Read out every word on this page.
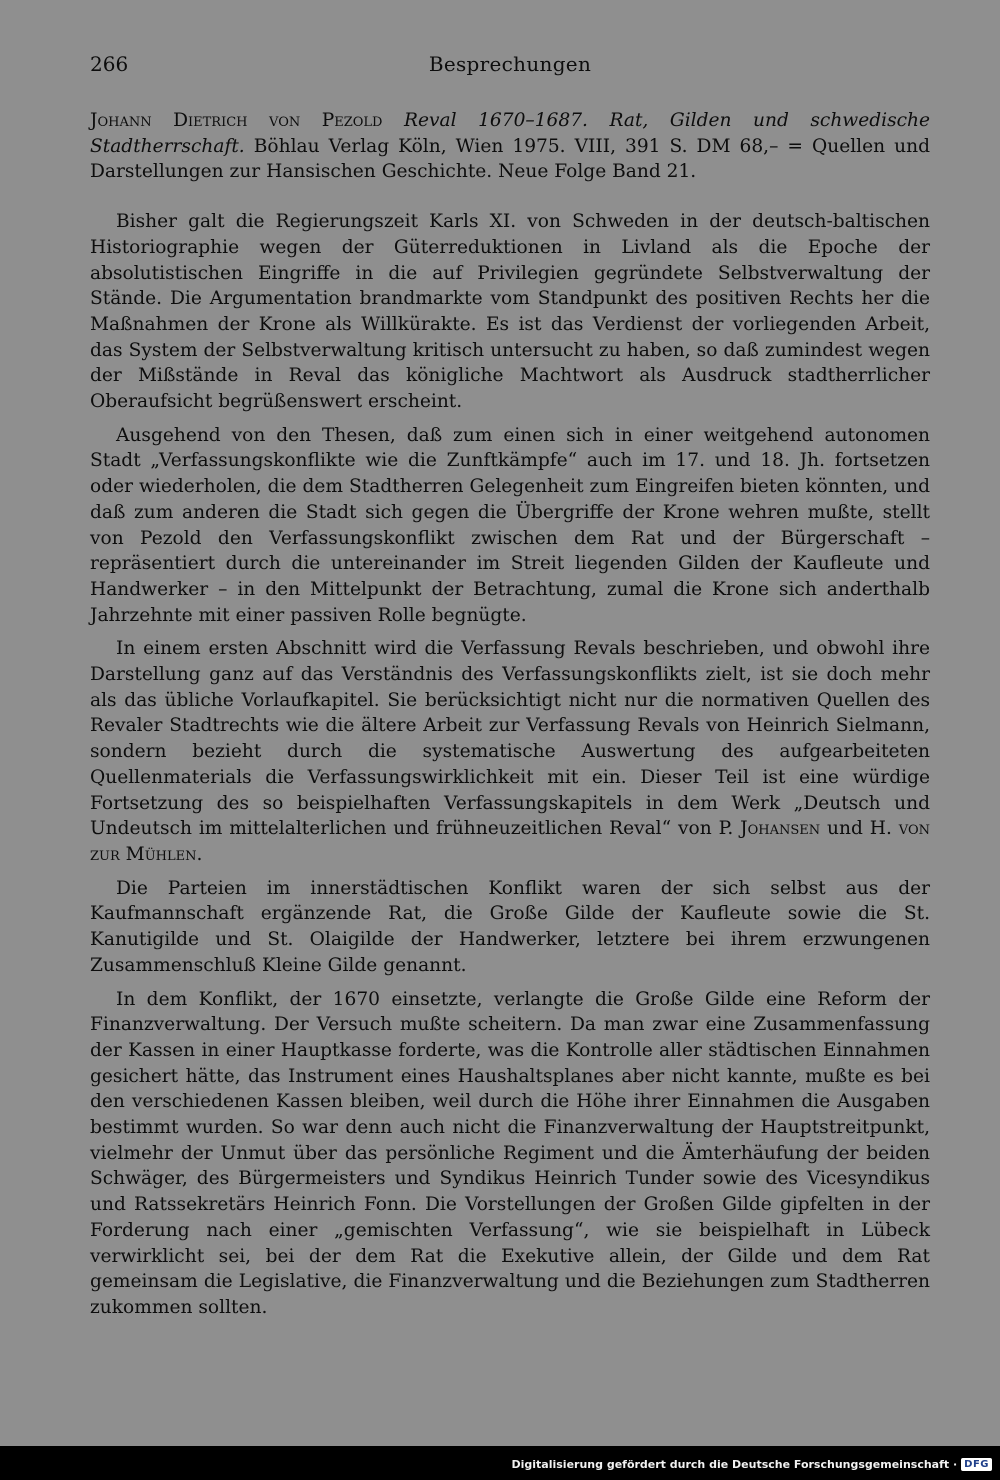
266	Besprechungen

Johann Dietrich von Pezold Reval 1670–1687. Rat, Gilden und schwedische Stadtherrschaft. Böhlau Verlag Köln, Wien 1975. VIII, 391 S. DM 68,– = Quellen und Darstellungen zur Hansischen Geschichte. Neue Folge Band 21.

Bisher galt die Regierungszeit Karls XI. von Schweden in der deutsch-baltischen Historiographie wegen der Güterreduktionen in Livland als die Epoche der absolutistischen Eingriffe in die auf Privilegien gegründete Selbstverwaltung der Stände. Die Argumentation brandmarkte vom Standpunkt des positiven Rechts her die Maßnahmen der Krone als Willkürakte. Es ist das Verdienst der vorliegenden Arbeit, das System der Selbstverwaltung kritisch untersucht zu haben, so daß zumindest wegen der Mißstände in Reval das königliche Machtwort als Ausdruck stadtherrlicher Oberaufsicht begrüßenswert erscheint.

Ausgehend von den Thesen, daß zum einen sich in einer weitgehend autonomen Stadt „Verfassungskonflikte wie die Zunftkämpfe“ auch im 17. und 18. Jh. fortsetzen oder wiederholen, die dem Stadtherren Gelegenheit zum Eingreifen bieten könnten, und daß zum anderen die Stadt sich gegen die Übergriffe der Krone wehren mußte, stellt von Pezold den Verfassungskonflikt zwischen dem Rat und der Bürgerschaft – repräsentiert durch die untereinander im Streit liegenden Gilden der Kaufleute und Handwerker – in den Mittelpunkt der Betrachtung, zumal die Krone sich anderthalb Jahrzehnte mit einer passiven Rolle begnügte.

In einem ersten Abschnitt wird die Verfassung Revals beschrieben, und obwohl ihre Darstellung ganz auf das Verständnis des Verfassungskonflikts zielt, ist sie doch mehr als das übliche Vorlaufkapitel. Sie berücksichtigt nicht nur die normativen Quellen des Revaler Stadtrechts wie die ältere Arbeit zur Verfassung Revals von Heinrich Sielmann, sondern bezieht durch die systematische Auswertung des aufgearbeiteten Quellenmaterials die Verfassungswirklichkeit mit ein. Dieser Teil ist eine würdige Fortsetzung des so beispielhaften Verfassungskapitels in dem Werk „Deutsch und Undeutsch im mittelalterlichen und frühneuzeitlichen Reval“ von P. Johansen und H. von zur Mühlen.

Die Parteien im innerstädtischen Konflikt waren der sich selbst aus der Kaufmannschaft ergänzende Rat, die Große Gilde der Kaufleute sowie die St. Kanutigilde und St. Olaigilde der Handwerker, letztere bei ihrem erzwungenen Zusammenschluß Kleine Gilde genannt.

In dem Konflikt, der 1670 einsetzte, verlangte die Große Gilde eine Reform der Finanzverwaltung. Der Versuch mußte scheitern. Da man zwar eine Zusammenfassung der Kassen in einer Hauptkasse forderte, was die Kontrolle aller städtischen Einnahmen gesichert hätte, das Instrument eines Haushaltsplanes aber nicht kannte, mußte es bei den verschiedenen Kassen bleiben, weil durch die Höhe ihrer Einnahmen die Ausgaben bestimmt wurden. So war denn auch nicht die Finanzverwaltung der Hauptstreitpunkt, vielmehr der Unmut über das persönliche Regiment und die Ämterhäufung der beiden Schwäger, des Bürgermeisters und Syndikus Heinrich Tunder sowie des Vicesyndikus und Ratssekretärs Heinrich Fonn. Die Vorstellungen der Großen Gilde gipfelten in der Forderung nach einer „gemischten Verfassung“, wie sie beispielhaft in Lübeck verwirklicht sei, bei der dem Rat die Exekutive allein, der Gilde und dem Rat gemeinsam die Legislative, die Finanzverwaltung und die Beziehungen zum Stadtherren zukommen sollten.

Digitalisierung gefördert durch die Deutsche Forschungsgemeinschaft · DFG
